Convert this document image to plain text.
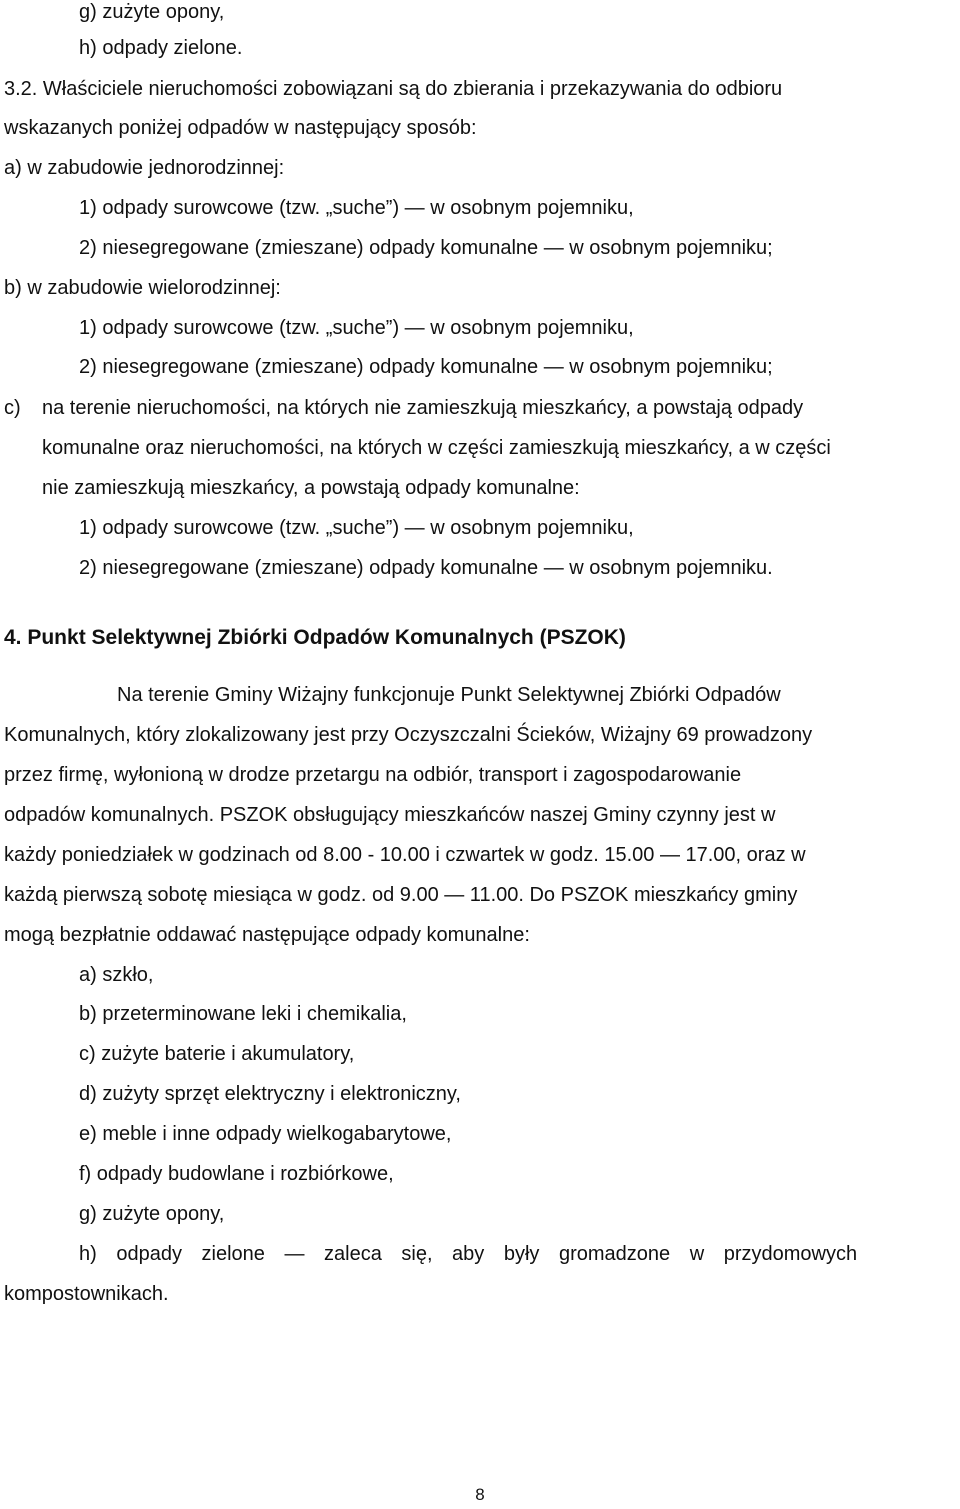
g) zużyte opony,
h) odpady zielone.
3.2. Właściciele nieruchomości zobowiązani są do zbierania i przekazywania do odbioru
wskazanych poniżej odpadów w następujący sposób:
a) w zabudowie jednorodzinnej:
1) odpady surowcowe (tzw. „suche”) — w osobnym pojemniku,
2) niesegregowane (zmieszane) odpady komunalne — w osobnym pojemniku;
b) w zabudowie wielorodzinnej:
1) odpady surowcowe (tzw. „suche”) — w osobnym pojemniku,
2) niesegregowane (zmieszane) odpady komunalne — w osobnym pojemniku;
c) na terenie nieruchomości, na których nie zamieszkują mieszkańcy, a powstają odpady
komunalne oraz nieruchomości, na których w części zamieszkują mieszkańcy, a w części
nie zamieszkują mieszkańcy, a powstają odpady komunalne:
1) odpady surowcowe (tzw. „suche”) — w osobnym pojemniku,
2) niesegregowane (zmieszane) odpady komunalne — w osobnym pojemniku.
4. Punkt Selektywnej Zbiórki Odpadów Komunalnych (PSZOK)
Na terenie Gminy Wiżajny funkcjonuje Punkt Selektywnej Zbiórki Odpadów
Komunalnych, który zlokalizowany jest przy Oczyszczalni Ścieków, Wiżajny 69 prowadzony
przez firmę, wyłonioną w drodze przetargu na odbiór, transport i zagospodarowanie
odpadów komunalnych. PSZOK obsługujący mieszkańców naszej Gminy czynny jest w
każdy poniedziałek w godzinach od 8.00 - 10.00 i czwartek w godz. 15.00 — 17.00, oraz w
każdą pierwszą sobotę miesiąca w godz. od 9.00 — 11.00. Do PSZOK mieszkańcy gminy
mogą bezpłatnie oddawać następujące odpady komunalne:
a) szkło,
b) przeterminowane leki i chemikalia,
c) zużyte baterie i akumulatory,
d) zużyty sprzęt elektryczny i elektroniczny,
e) meble i inne odpady wielkogabarytowe,
f) odpady budowlane i rozbiórkowe,
g) zużyte opony,
h) odpady zielone — zaleca się, aby były gromadzone w przydomowych
kompostownikach.
8
